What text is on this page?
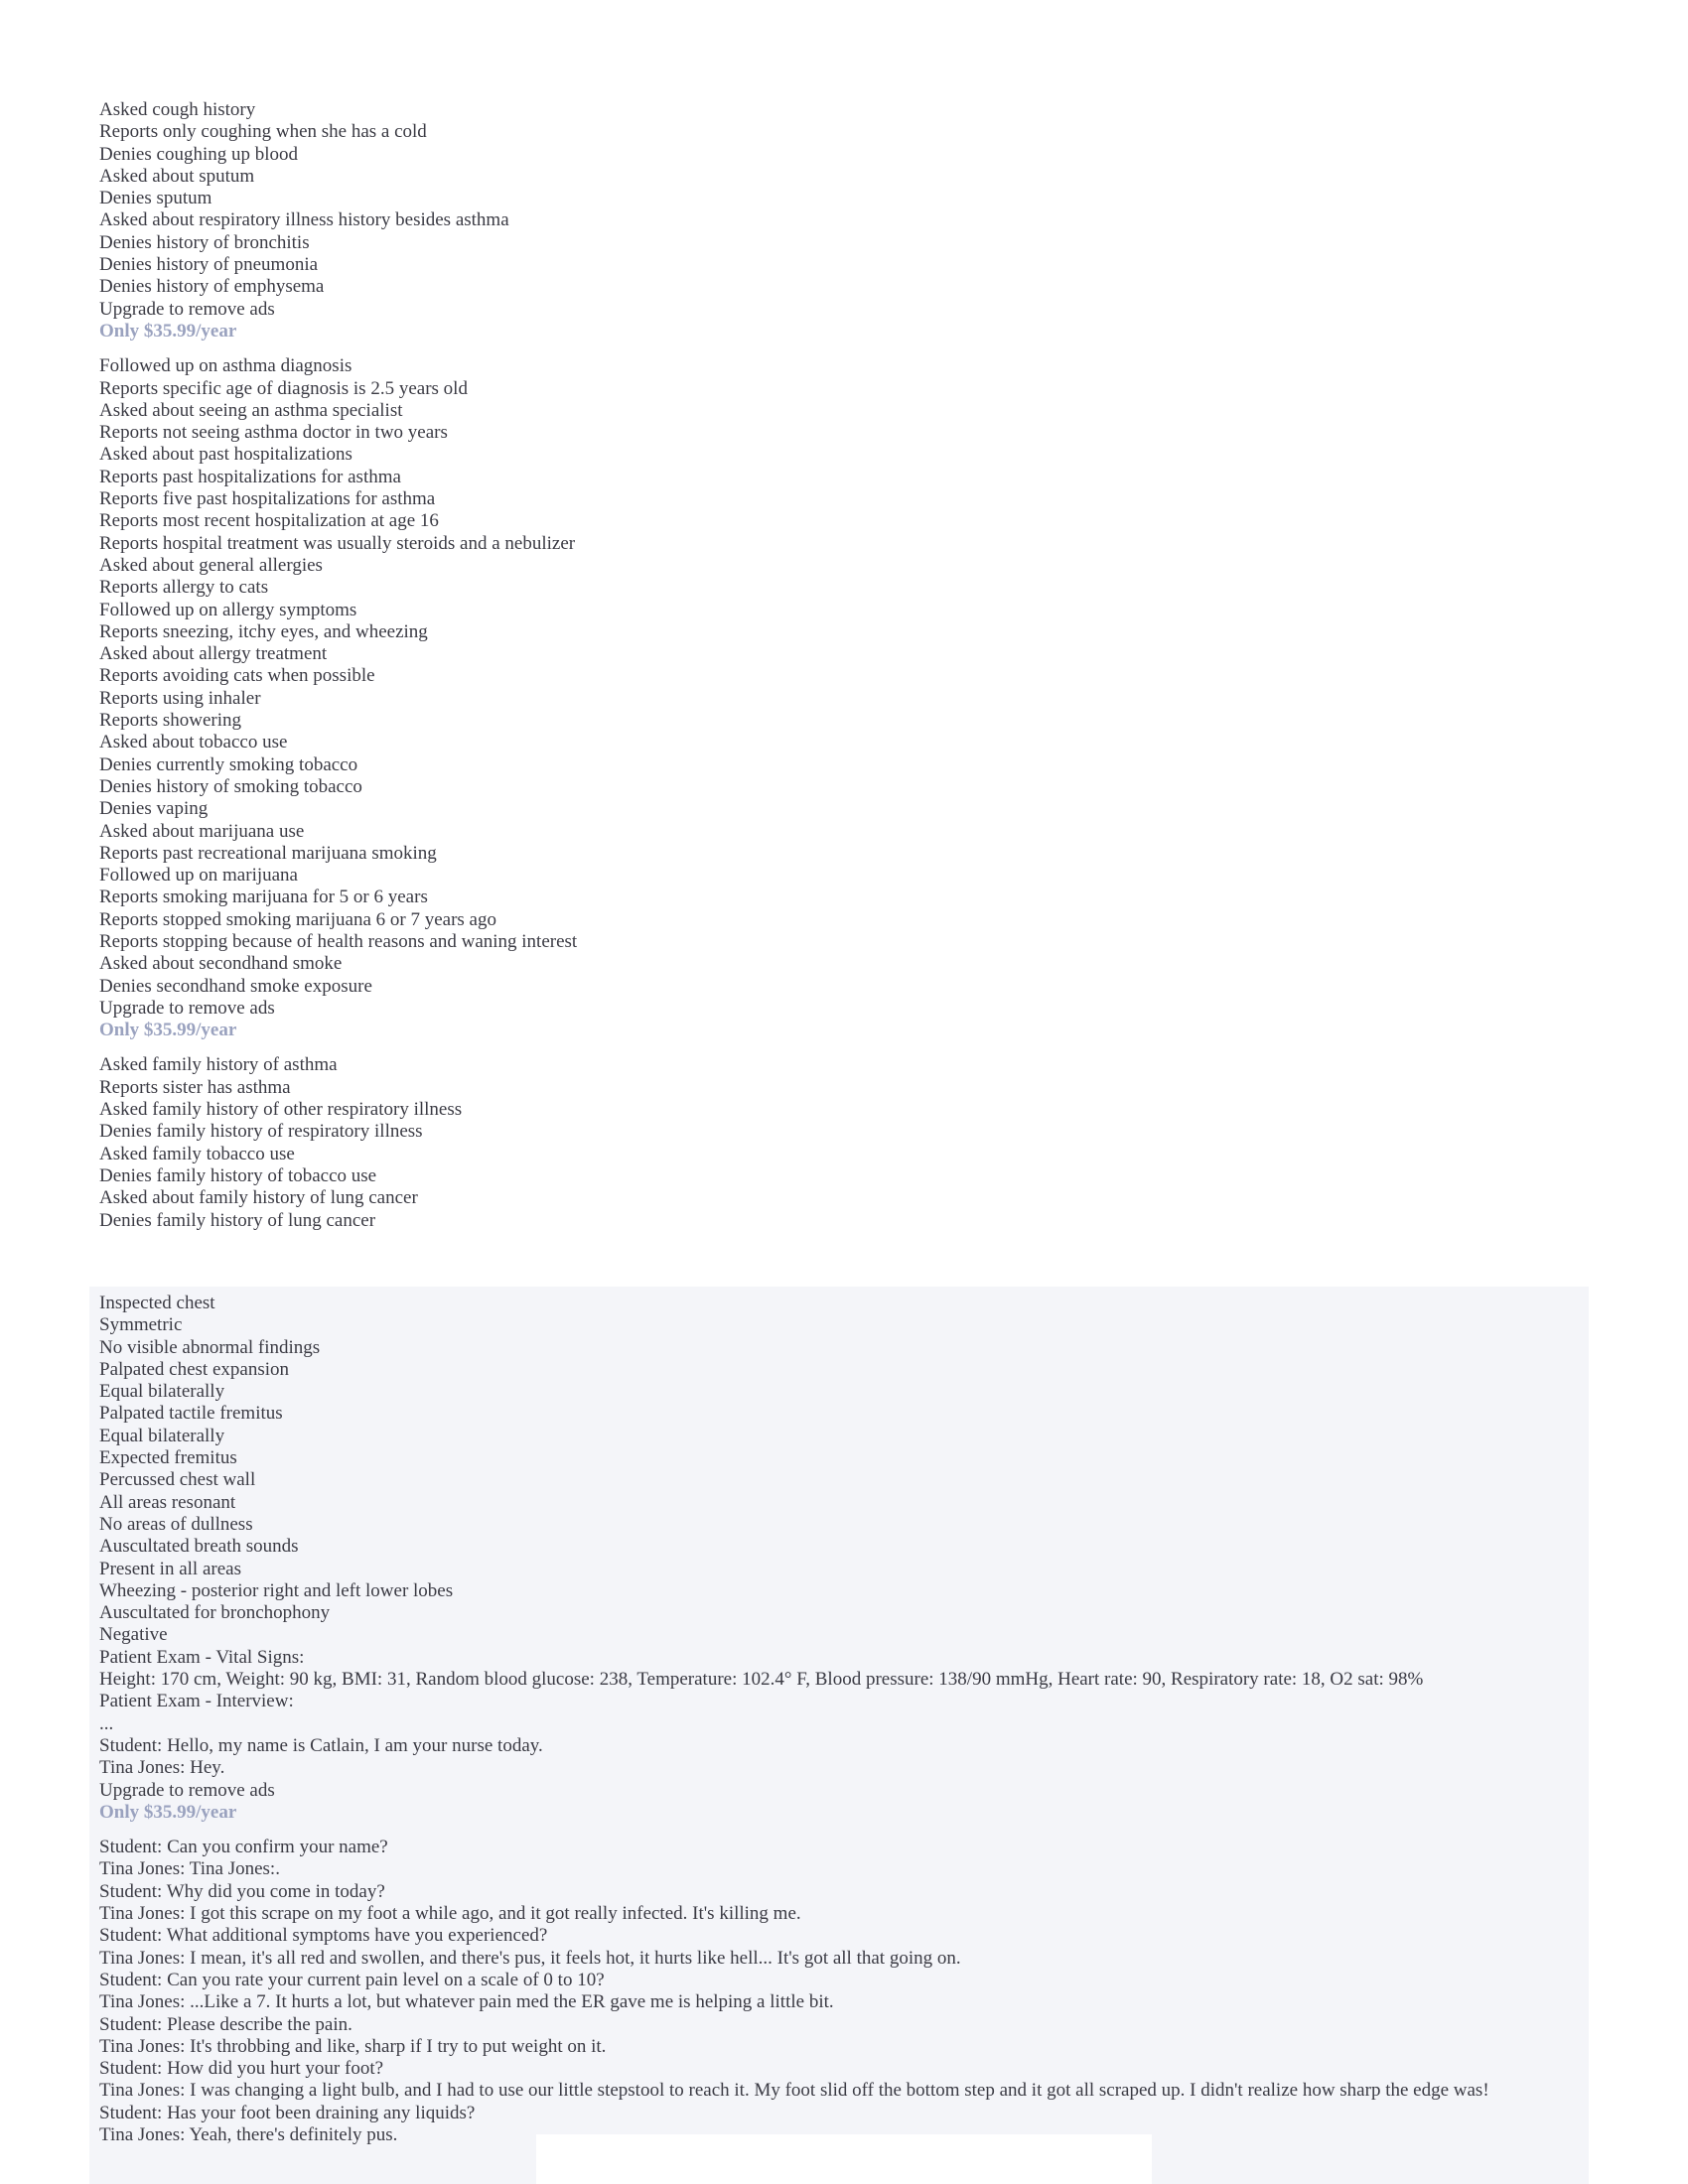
Asked cough history
Reports only coughing when she has a cold
Denies coughing up blood
Asked about sputum
Denies sputum
Asked about respiratory illness history besides asthma
Denies history of bronchitis
Denies history of pneumonia
Denies history of emphysema
Upgrade to remove ads
Only $35.99/year
Followed up on asthma diagnosis
Reports specific age of diagnosis is 2.5 years old
Asked about seeing an asthma specialist
Reports not seeing asthma doctor in two years
Asked about past hospitalizations
Reports past hospitalizations for asthma
Reports five past hospitalizations for asthma
Reports most recent hospitalization at age 16
Reports hospital treatment was usually steroids and a nebulizer
Asked about general allergies
Reports allergy to cats
Followed up on allergy symptoms
Reports sneezing, itchy eyes, and wheezing
Asked about allergy treatment
Reports avoiding cats when possible
Reports using inhaler
Reports showering
Asked about tobacco use
Denies currently smoking tobacco
Denies history of smoking tobacco
Denies vaping
Asked about marijuana use
Reports past recreational marijuana smoking
Followed up on marijuana
Reports smoking marijuana for 5 or 6 years
Reports stopped smoking marijuana 6 or 7 years ago
Reports stopping because of health reasons and waning interest
Asked about secondhand smoke
Denies secondhand smoke exposure
Upgrade to remove ads
Only $35.99/year
Asked family history of asthma
Reports sister has asthma
Asked family history of other respiratory illness
Denies family history of respiratory illness
Asked family tobacco use
Denies family history of tobacco use
Asked about family history of lung cancer
Denies family history of lung cancer
Inspected chest
Symmetric
No visible abnormal findings
Palpated chest expansion
Equal bilaterally
Palpated tactile fremitus
Equal bilaterally
Expected fremitus
Percussed chest wall
All areas resonant
No areas of dullness
Auscultated breath sounds
Present in all areas
Wheezing - posterior right and left lower lobes
Auscultated for bronchophony
Negative
Patient Exam - Vital Signs:
Height: 170 cm, Weight: 90 kg, BMI: 31, Random blood glucose: 238, Temperature: 102.4° F, Blood pressure: 138/90 mmHg, Heart rate: 90, Respiratory rate: 18, O2 sat: 98%
Patient Exam - Interview:
...
Student: Hello, my name is Catlain, I am your nurse today.
Tina Jones: Hey.
Upgrade to remove ads
Only $35.99/year
Student: Can you confirm your name?
Tina Jones: Tina Jones:.
Student: Why did you come in today?
Tina Jones: I got this scrape on my foot a while ago, and it got really infected. It's killing me.
Student: What additional symptoms have you experienced?
Tina Jones: I mean, it's all red and swollen, and there's pus, it feels hot, it hurts like hell... It's got all that going on.
Student: Can you rate your current pain level on a scale of 0 to 10?
Tina Jones: ...Like a 7. It hurts a lot, but whatever pain med the ER gave me is helping a little bit.
Student: Please describe the pain.
Tina Jones: It's throbbing and like, sharp if I try to put weight on it.
Student: How did you hurt your foot?
Tina Jones: I was changing a light bulb, and I had to use our little stepstool to reach it. My foot slid off the bottom step and it got all scraped up. I didn't realize how sharp the edge was!
Student: Has your foot been draining any liquids?
Tina Jones: Yeah, there's definitely pus.
